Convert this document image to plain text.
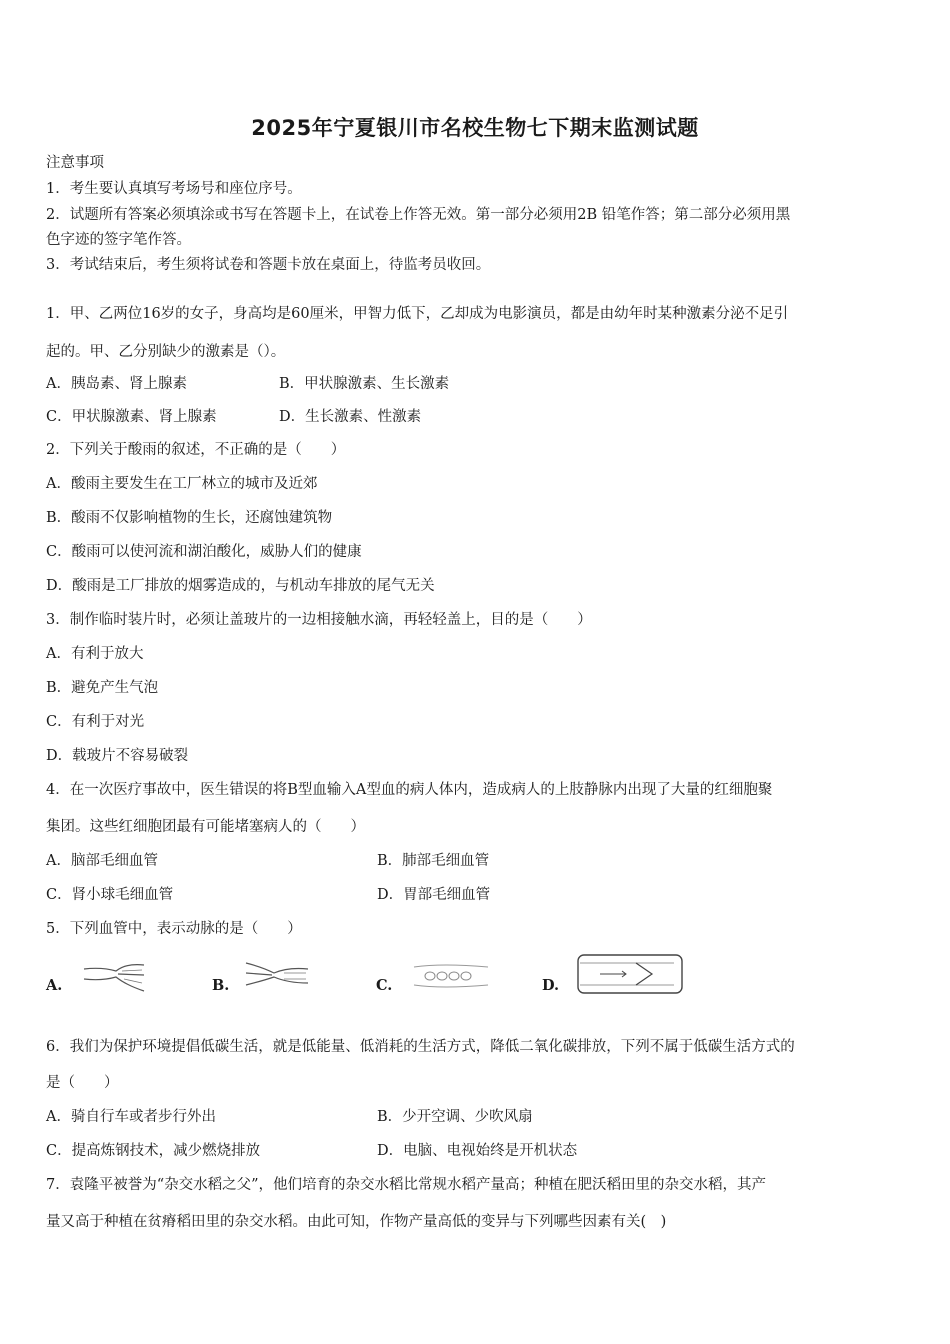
2025年宁夏银川市名校生物七下期末监测试题
注意事项
1．考生要认真填写考场号和座位序号。
2．试题所有答案必须填涂或书写在答题卡上，在试卷上作答无效。第一部分必须用2B 铅笔作答；第二部分必须用黑
色字迹的签字笔作答。
3．考试结束后，考生须将试卷和答题卡放在桌面上，待监考员收回。
1．甲、乙两位16岁的女子，身高均是60厘米，甲智力低下，乙却成为电影演员，都是由幼年时某种激素分泌不足引
起的。甲、乙分别缺少的激素是（）。
A．胰岛素、肾上腺素	B．甲状腺激素、生长激素
C．甲状腺激素、肾上腺素	D．生长激素、性激素
2．下列关于酸雨的叙述，不正确的是（　　）
A．酸雨主要发生在工厂林立的城市及近郊
B．酸雨不仅影响植物的生长，还腐蚀建筑物
C．酸雨可以使河流和湖泊酸化，威胁人们的健康
D．酸雨是工厂排放的烟雾造成的，与机动车排放的尾气无关
3．制作临时装片时，必须让盖玻片的一边相接触水滴，再轻轻盖上，目的是（　　）
A．有利于放大
B．避免产生气泡
C．有利于对光
D．载玻片不容易破裂
4．在一次医疗事故中，医生错误的将B型血输入A型血的病人体内，造成病人的上肢静脉内出现了大量的红细胞聚
集团。这些红细胞团最有可能堵塞病人的（　　）
A．脑部毛细血管	B．肺部毛细血管
C．肾小球毛细血管	D．胃部毛细血管
5．下列血管中，表示动脉的是（　　）
A.	B.	C.	D.
6．我们为保护环境提倡低碳生活，就是低能量、低消耗的生活方式，降低二氧化碳排放，下列不属于低碳生活方式的
是（　　）
A．骑自行车或者步行外出	B．少开空调、少吹风扇
C．提高炼钢技术，减少燃烧排放	D．电脑、电视始终是开机状态
7．袁隆平被誉为“杂交水稻之父”，他们培育的杂交水稻比常规水稻产量高；种植在肥沃稻田里的杂交水稻，其产
量又高于种植在贫瘠稻田里的杂交水稻。由此可知，作物产量高低的变异与下列哪些因素有关(　)
